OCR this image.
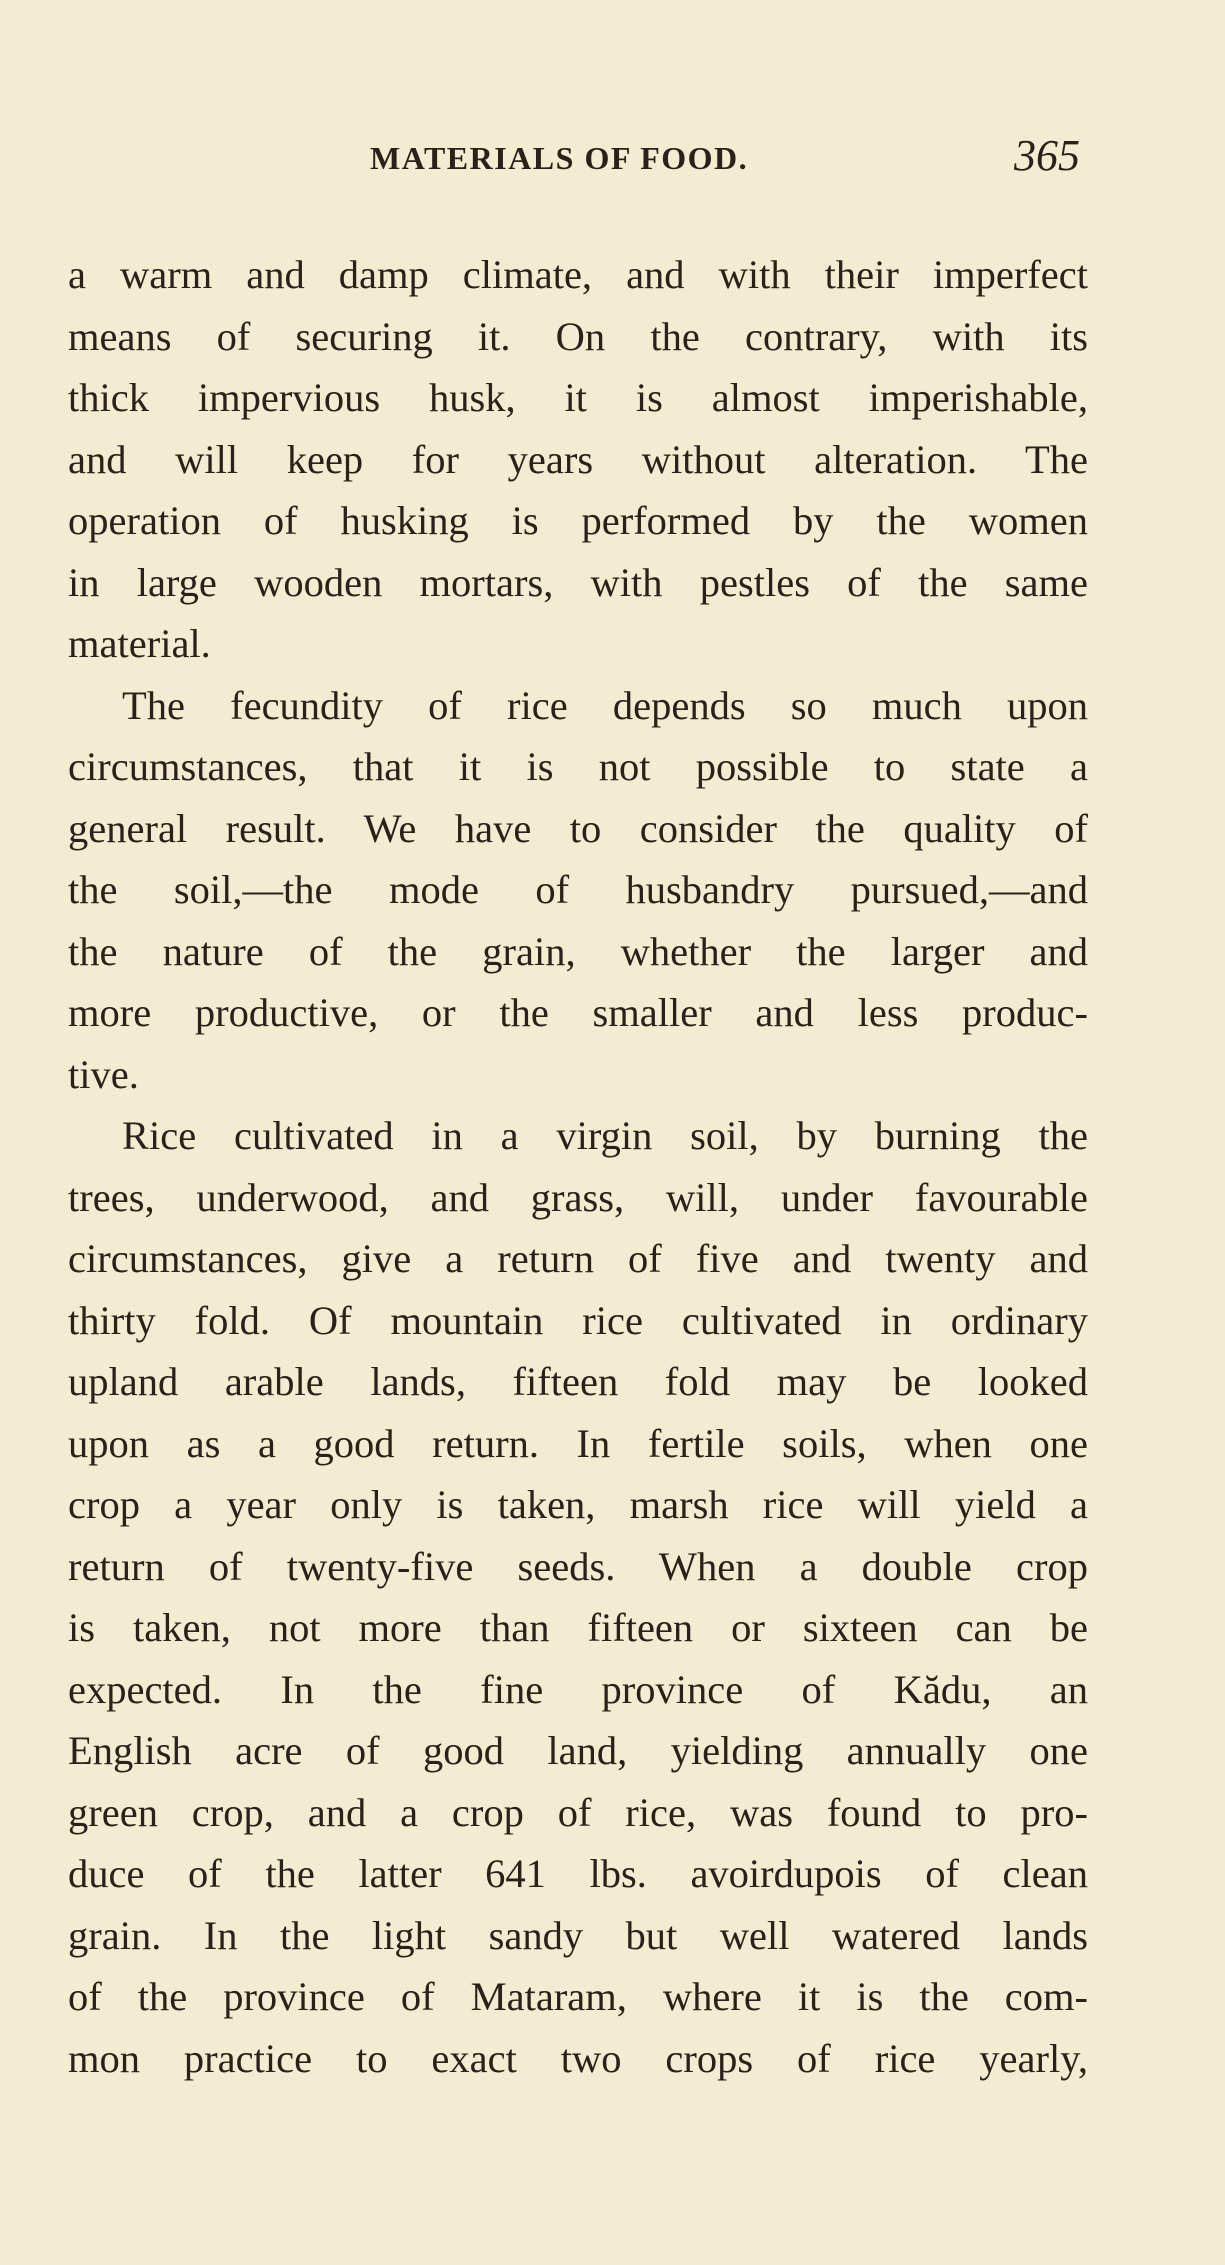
MATERIALS OF FOOD.	365
a warm and damp climate, and with their imperfect
means of securing it. On the contrary, with its
thick impervious husk, it is almost imperishable,
and will keep for years without alteration. The
operation of husking is performed by the women
in large wooden mortars, with pestles of the same
material.
The fecundity of rice depends so much upon
circumstances, that it is not possible to state a
general result. We have to consider the quality of
the soil,—the mode of husbandry pursued,—and
the nature of the grain, whether the larger and
more productive, or the smaller and less produc-
tive.
Rice cultivated in a virgin soil, by burning the
trees, underwood, and grass, will, under favourable
circumstances, give a return of five and twenty and
thirty fold. Of mountain rice cultivated in ordinary
upland arable lands, fifteen fold may be looked
upon as a good return. In fertile soils, when one
crop a year only is taken, marsh rice will yield a
return of twenty-five seeds. When a double crop
is taken, not more than fifteen or sixteen can be
expected. In the fine province of Kădu, an
English acre of good land, yielding annually one
green crop, and a crop of rice, was found to pro-
duce of the latter 641 lbs. avoirdupois of clean
grain. In the light sandy but well watered lands
of the province of Mataram, where it is the com-
mon practice to exact two crops of rice yearly,
